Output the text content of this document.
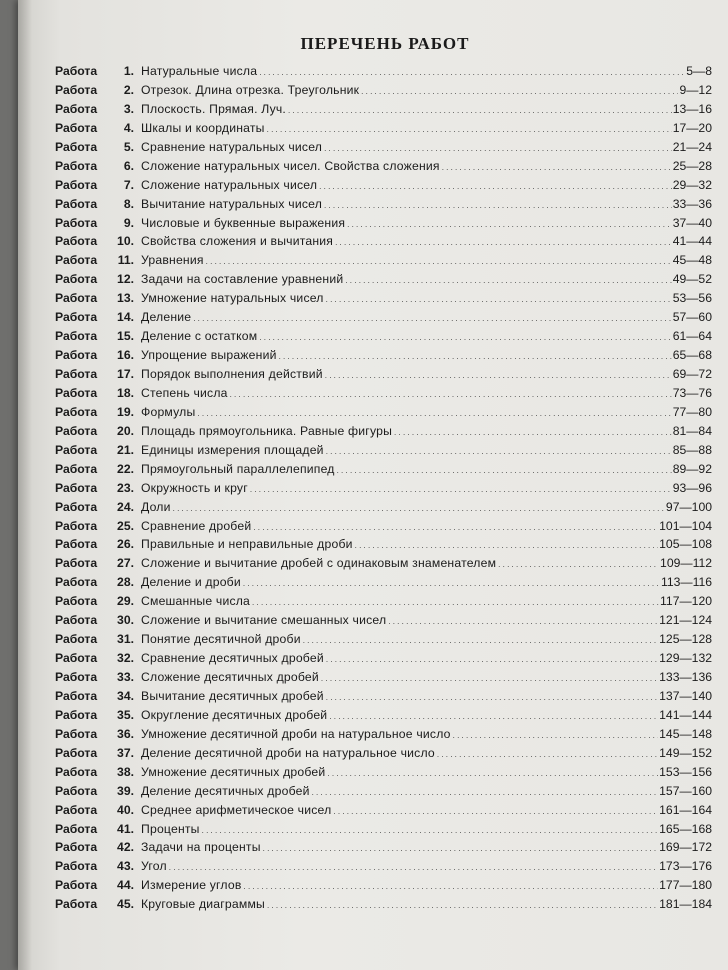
ПЕРЕЧЕНЬ РАБОТ
Работа	1. Натуральные числа . . .	5—8
Работа	2. Отрезок. Длина отрезка. Треугольник . . .	9—12
Работа	3. Плоскость. Прямая. Луч. . . .	13—16
Работа	4. Шкалы и координаты . . .	17—20
Работа	5. Сравнение натуральных чисел . . .	21—24
Работа	6. Сложение натуральных чисел. Свойства сложения . . .	25—28
Работа	7. Сложение натуральных чисел . . .	29—32
Работа	8. Вычитание натуральных чисел . . .	33—36
Работа	9. Числовые и буквенные выражения . . .	37—40
Работа	10. Свойства сложения и вычитания . . .	41—44
Работа	11. Уравнения . . .	45—48
Работа	12. Задачи на составление уравнений . . .	49—52
Работа	13. Умножение натуральных чисел . . .	53—56
Работа	14. Деление . . .	57—60
Работа	15. Деление с остатком . . .	61—64
Работа	16. Упрощение выражений . . .	65—68
Работа	17. Порядок выполнения действий . . .	69—72
Работа	18. Степень числа . . .	73—76
Работа	19. Формулы . . .	77—80
Работа	20. Площадь прямоугольника. Равные фигуры . . .	81—84
Работа	21. Единицы измерения площадей . . .	85—88
Работа	22. Прямоугольный параллелепипед . . .	89—92
Работа	23. Окружность и круг . . .	93—96
Работа	24. Доли . . .	97—100
Работа	25. Сравнение дробей . . .	101—104
Работа	26. Правильные и неправильные дроби . . .	105—108
Работа	27. Сложение и вычитание дробей с одинаковым знаменателем . . .	109—112
Работа	28. Деление и дроби . . .	113—116
Работа	29. Смешанные числа . . .	117—120
Работа	30. Сложение и вычитание смешанных чисел . . .	121—124
Работа	31. Понятие десятичной дроби . . .	125—128
Работа	32. Сравнение десятичных дробей . . .	129—132
Работа	33. Сложение десятичных дробей . . .	133—136
Работа	34. Вычитание десятичных дробей . . .	137—140
Работа	35. Округление десятичных дробей . . .	141—144
Работа	36. Умножение десятичной дроби на натуральное число . . .	145—148
Работа	37. Деление десятичной дроби на натуральное число . . .	149—152
Работа	38. Умножение десятичных дробей . . .	153—156
Работа	39. Деление десятичных дробей . . .	157—160
Работа	40. Среднее арифметическое чисел . . .	161—164
Работа	41. Проценты . . .	165—168
Работа	42. Задачи на проценты . . .	169—172
Работа	43. Угол . . .	173—176
Работа	44. Измерение углов . . .	177—180
Работа	45. Круговые диаграммы . . .	181—184
